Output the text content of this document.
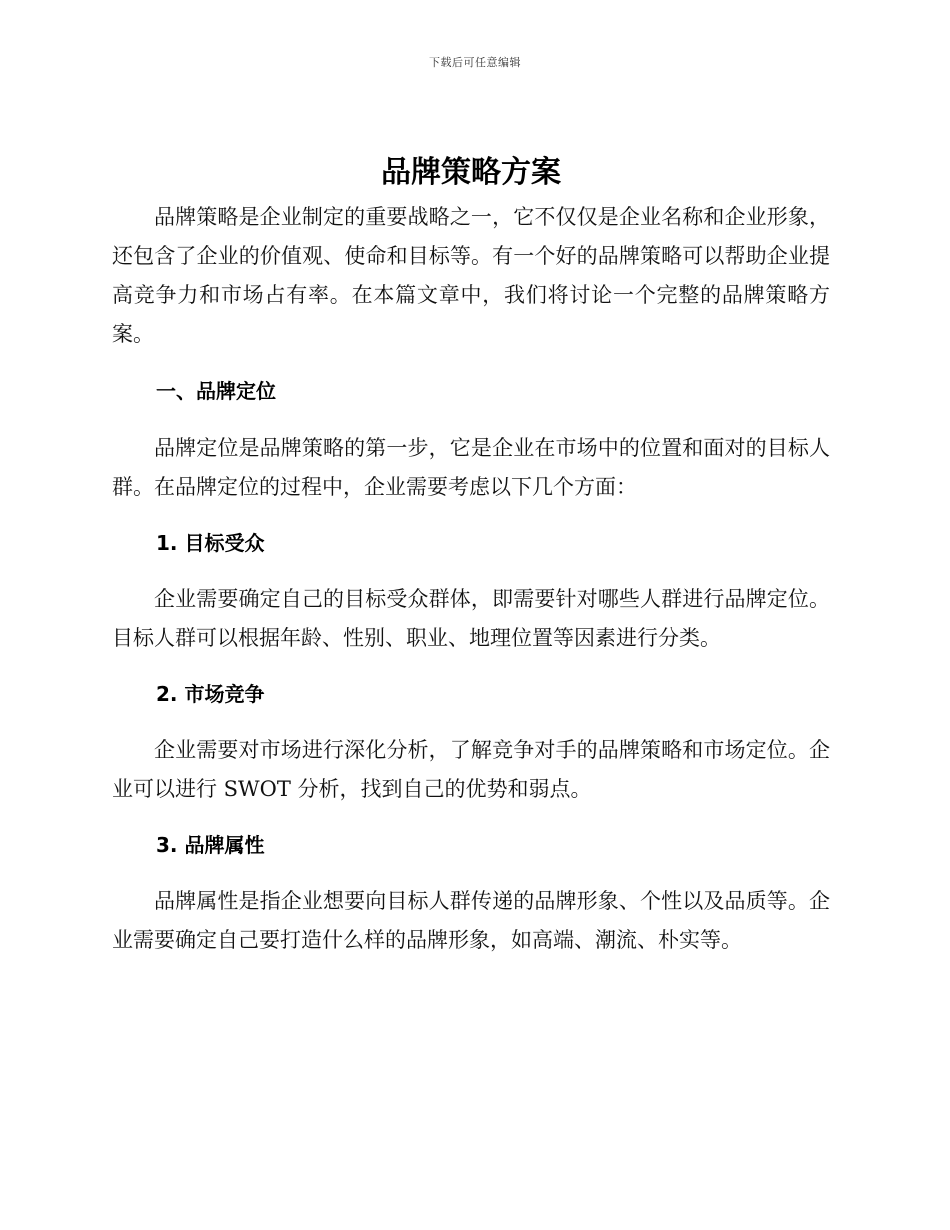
下载后可任意编辑
品牌策略方案

品牌策略是企业制定的重要战略之一，它不仅仅是企业名称和企业形象，还包含了企业的价值观、使命和目标等。有一个好的品牌策略可以帮助企业提高竞争力和市场占有率。在本篇文章中，我们将讨论一个完整的品牌策略方案。

一、品牌定位

品牌定位是品牌策略的第一步，它是企业在市场中的位置和面对的目标人群。在品牌定位的过程中，企业需要考虑以下几个方面：

1. 目标受众

企业需要确定自己的目标受众群体，即需要针对哪些人群进行品牌定位。目标人群可以根据年龄、性别、职业、地理位置等因素进行分类。

2. 市场竞争

企业需要对市场进行深化分析，了解竞争对手的品牌策略和市场定位。企业可以进行 SWOT 分析，找到自己的优势和弱点。

3. 品牌属性

品牌属性是指企业想要向目标人群传递的品牌形象、个性以及品质等。企业需要确定自己要打造什么样的品牌形象，如高端、潮流、朴实等。
